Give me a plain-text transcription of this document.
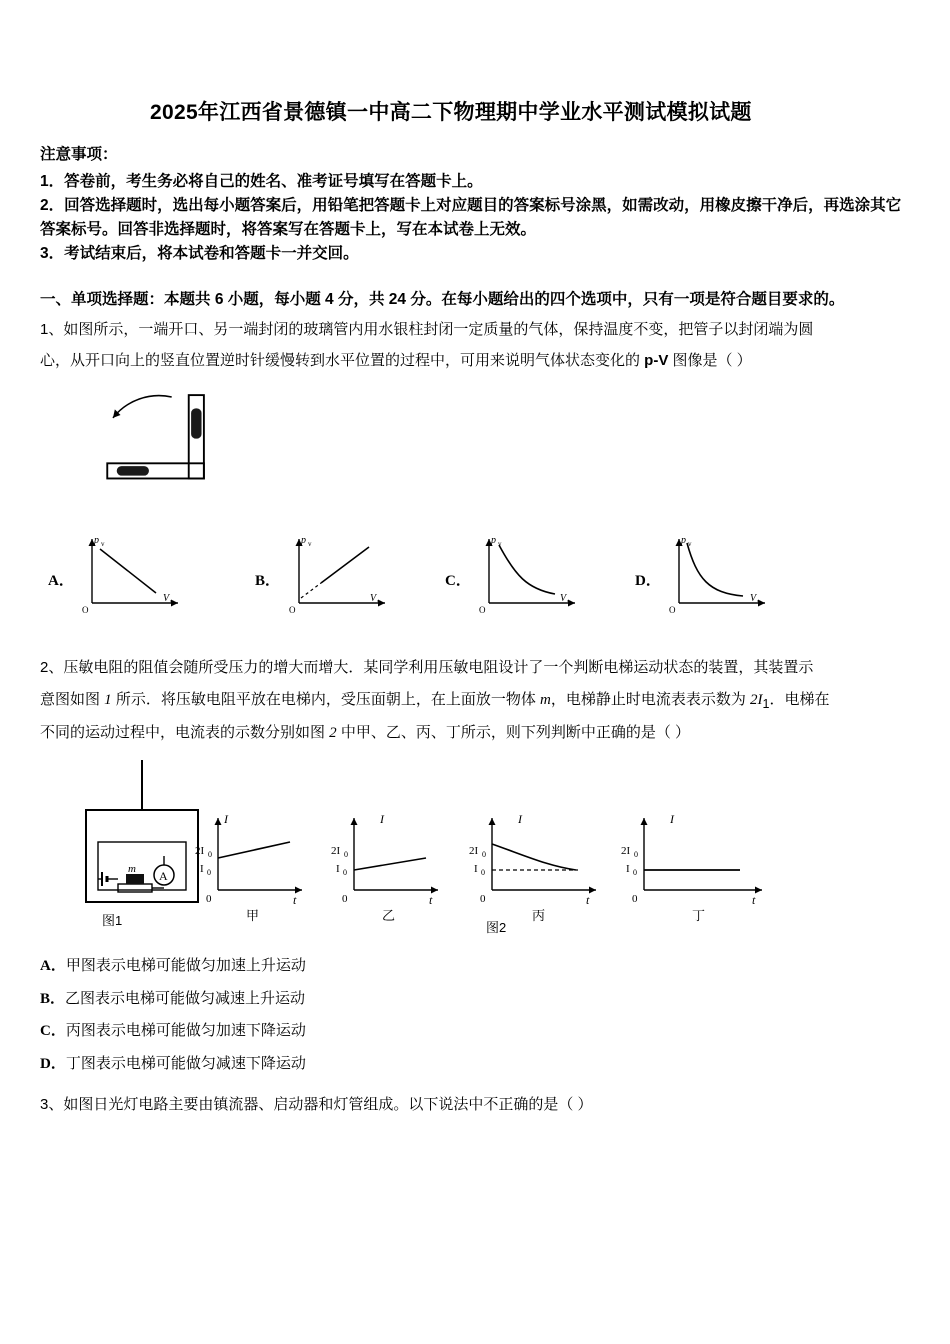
2025年江西省景德镇一中高二下物理期中学业水平测试模拟试题
注意事项：

1．答卷前，考生务必将自己的姓名、准考证号填写在答题卡上。

2．回答选择题时，选出每小题答案后，用铅笔把答题卡上对应题目的答案标号涂黑，如需改动，用橡皮擦干净后，再选涂其它答案标号。回答非选择题时，将答案写在答题卡上，写在本试卷上无效。

3．考试结束后，将本试卷和答题卡一并交回。

一、单项选择题：本题共 6 小题，每小题 4 分，共 24 分。在每小题给出的四个选项中，只有一项是符合题目要求的。

1、如图所示，一端开口、另一端封闭的玻璃管内用水银柱封闭一定质量的气体，保持温度不变，把管子以封闭端为圆

心，从开口向上的竖直位置逆时针缓慢转到水平位置的过程中，可用来说明气体状态变化的 p-V 图像是（ ）

A．
p v
V v
O
B．
p v
V v
O
C．
p v
V v
O
D．
p v
V v
O

2、压敏电阻的阻值会随所受压力的增大而增大．某同学利用压敏电阻设计了一个判断电梯运动状态的装置，其装置示

意图如图 1 所示．将压敏电阻平放在电梯内，受压面朝上，在上面放一物体 m，电梯静止时电流表表示数为 $2I_1$．电梯在

不同的运动过程中，电流表的示数分别如图 2 中甲、乙、丙、丁所示，则下列判断中正确的是（ ）

m A
图1
I
t
0
2I 0
I 0
甲
I
t
0
2I 0
I 0
乙
I
t
0
2I 0
I 0
丙
图2
I
t
0
2I 0
I 0
丁

A．甲图表示电梯可能做匀加速上升运动

B．乙图表示电梯可能做匀减速上升运动

C．丙图表示电梯可能做匀加速下降运动

D．丁图表示电梯可能做匀减速下降运动

3、如图日光灯电路主要由镇流器、启动器和灯管组成。以下说法中不正确的是（ ）
